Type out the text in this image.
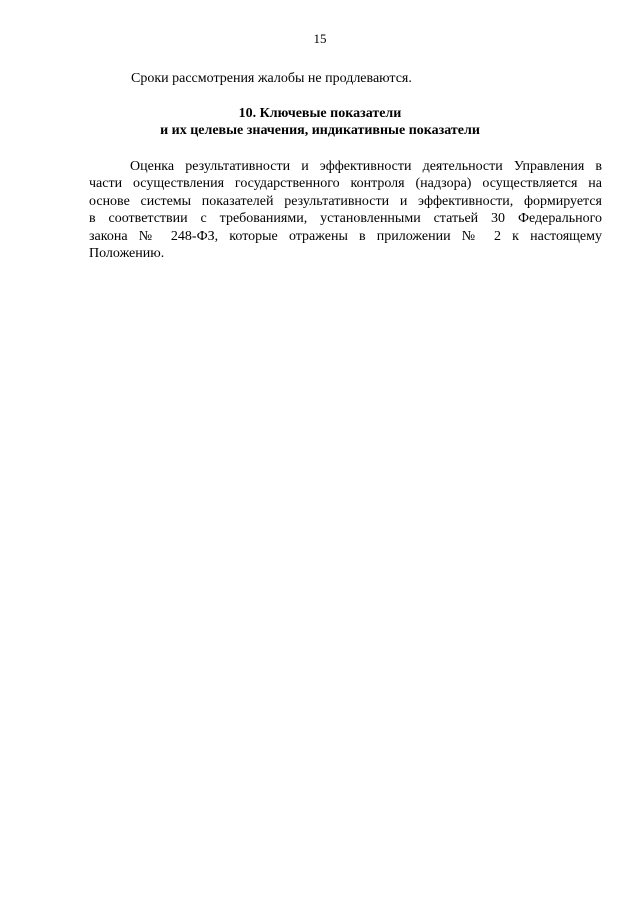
15
Сроки рассмотрения жалобы не продлеваются.
10. Ключевые показатели
и их целевые значения, индикативные показатели
Оценка результативности и эффективности деятельности Управления в
части осуществления государственного контроля (надзора) осуществляется на
основе системы показателей результативности и эффективности, формируется
в соответствии с требованиями, установленными статьей 30 Федерального
закона № 248-ФЗ, которые отражены в приложении № 2 к настоящему
Положению.
